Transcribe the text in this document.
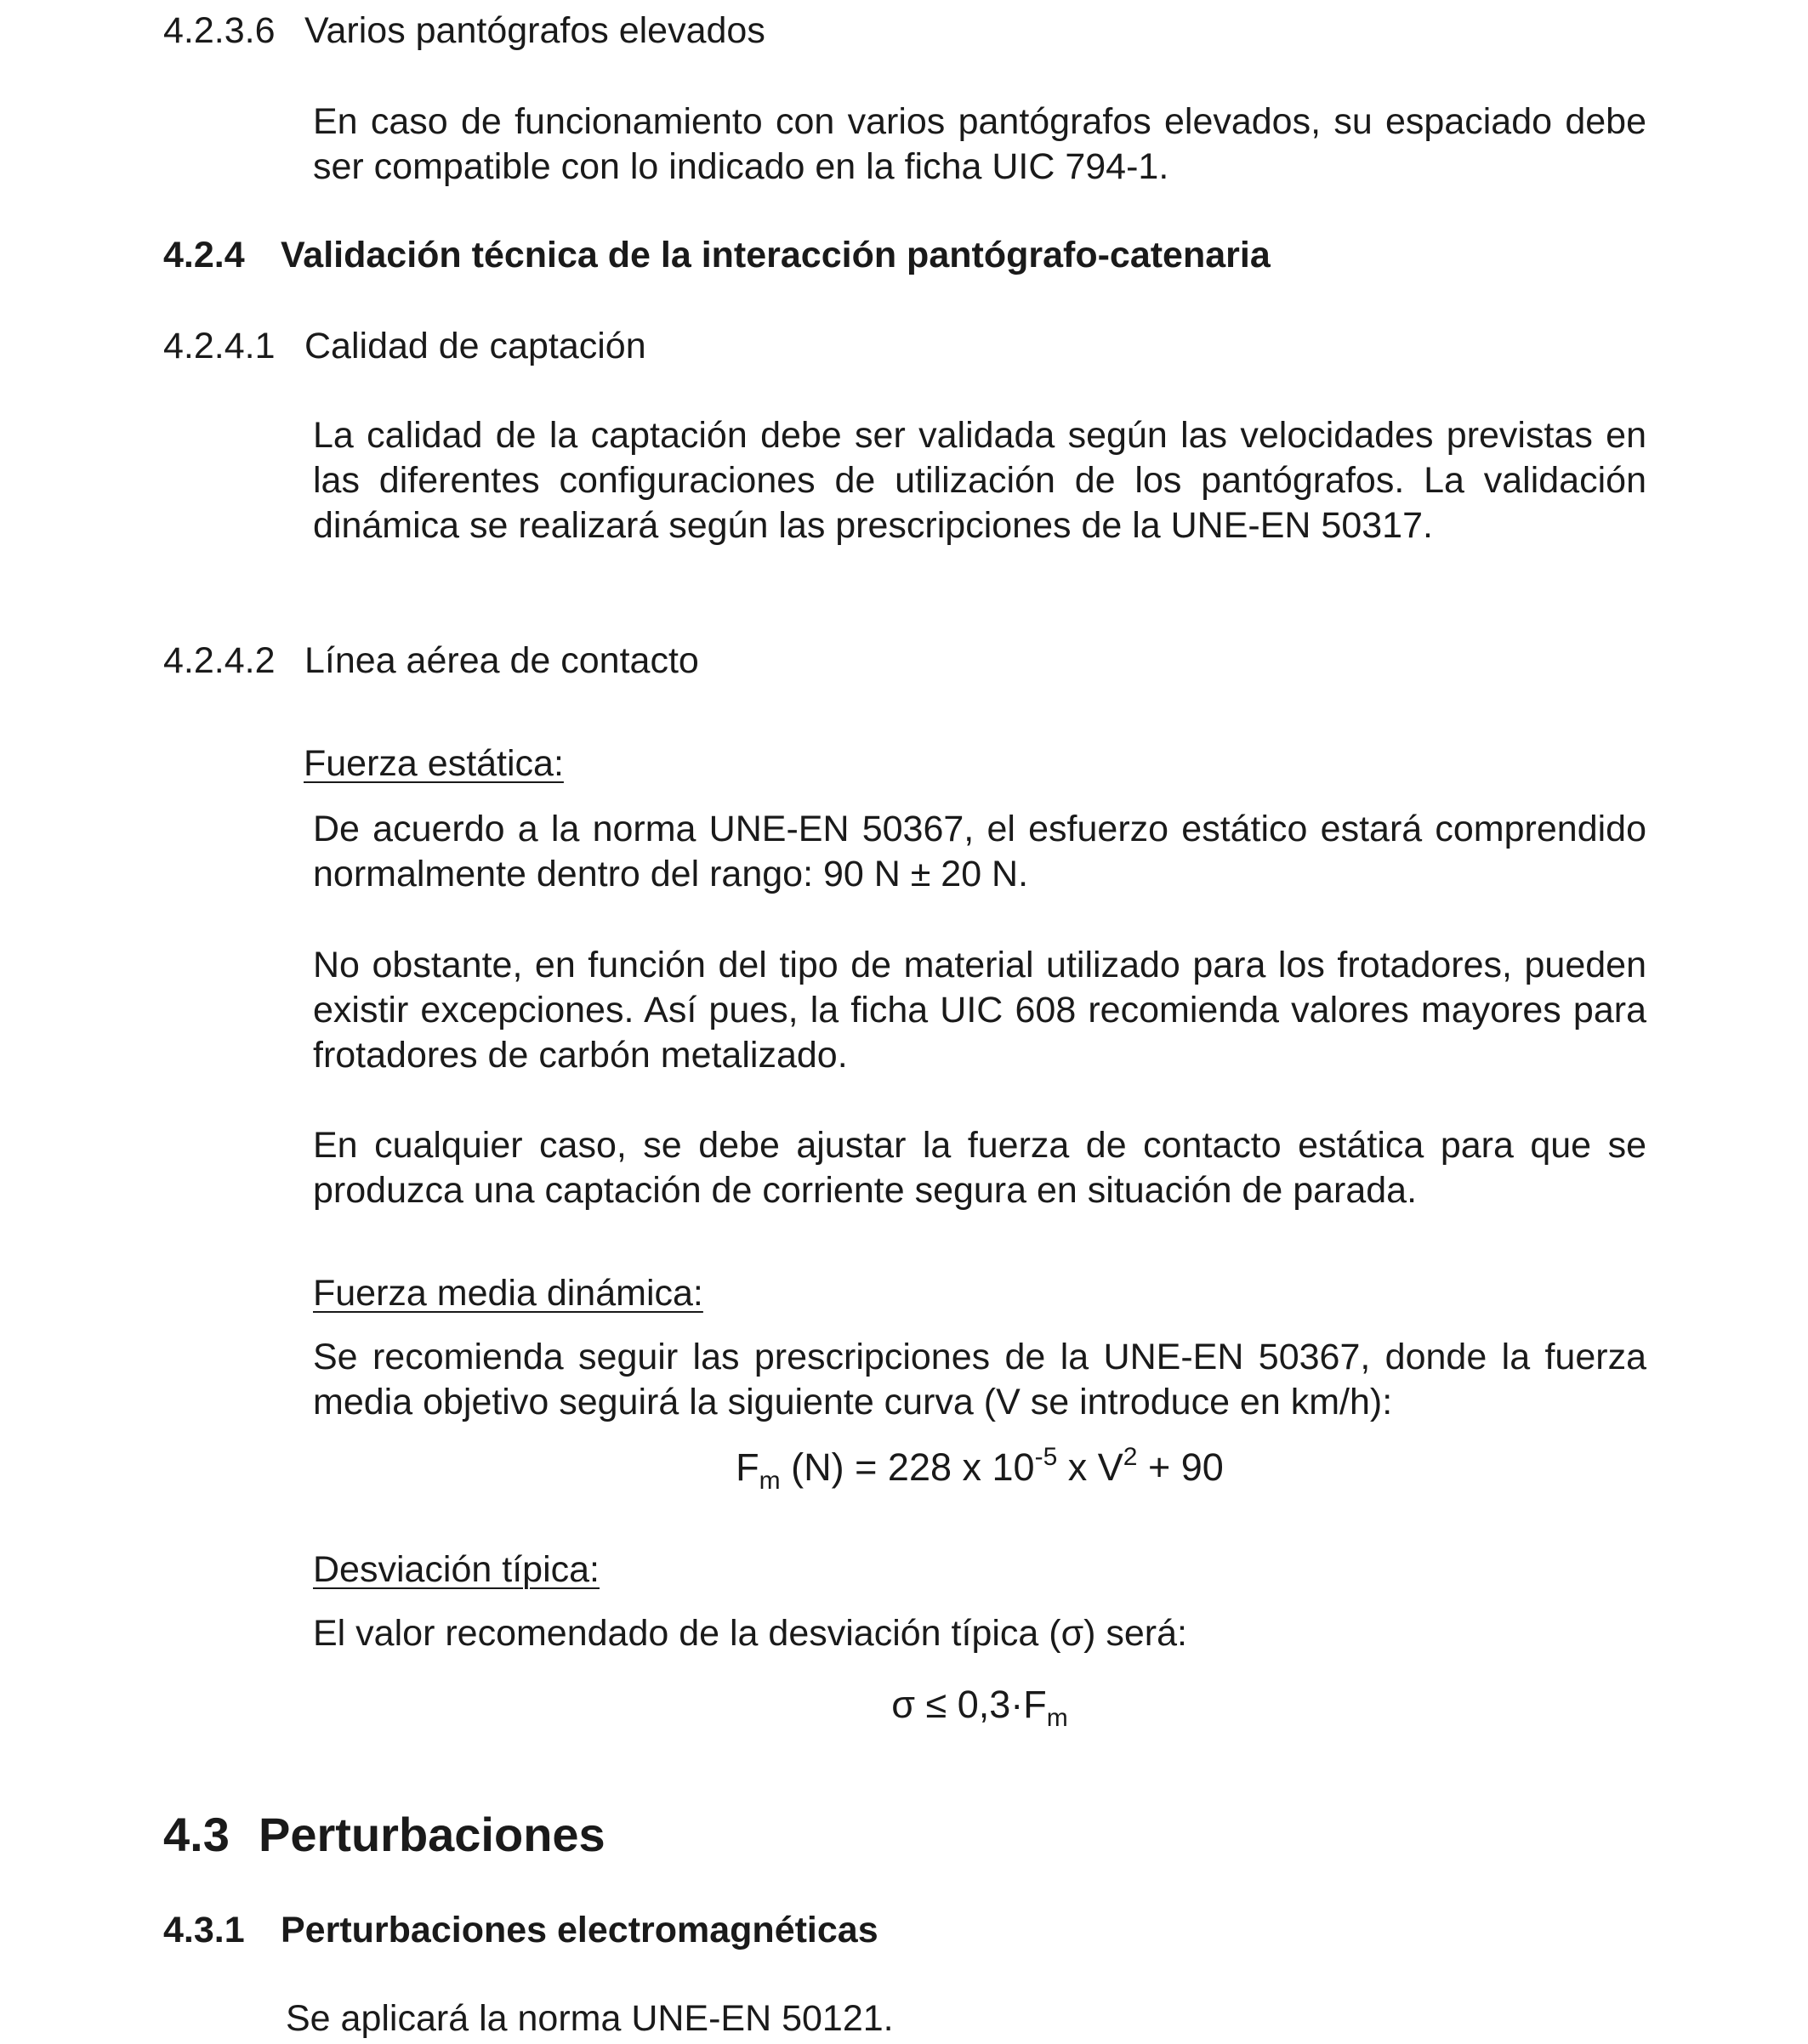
4.2.3.6 Varios pantógrafos elevados

En caso de funcionamiento con varios pantógrafos elevados, su espaciado debe ser compatible con lo indicado en la ficha UIC 794-1.

4.2.4 Validación técnica de la interacción pantógrafo-catenaria
4.2.4.1 Calidad de captación

La calidad de la captación debe ser validada según las velocidades previstas en las diferentes configuraciones de utilización de los pantógrafos. La validación dinámica se realizará según las prescripciones de la UNE-EN 50317.

4.2.4.2 Línea aérea de contacto
Fuerza estática:

De acuerdo a la norma UNE-EN 50367, el esfuerzo estático estará comprendido normalmente dentro del rango: 90 N ± 20 N.

No obstante, en función del tipo de material utilizado para los frotadores, pueden existir excepciones. Así pues, la ficha UIC 608 recomienda valores mayores para frotadores de carbón metalizado.

En cualquier caso, se debe ajustar la fuerza de contacto estática para que se produzca una captación de corriente segura en situación de parada.

Fuerza media dinámica:

Se recomienda seguir las prescripciones de la UNE-EN 50367, donde la fuerza media objetivo seguirá la siguiente curva (V se introduce en km/h):

$F_m$ (N) = 228 x $10^{-5}$ x $V^2 + 90$
Desviación típica:

El valor recomendado de la desviación típica (σ) será:

$\sigma \le 0,3\cdot F_m$
4.3 Perturbaciones
4.3.1 Perturbaciones electromagnéticas

Se aplicará la norma UNE-EN 50121.
